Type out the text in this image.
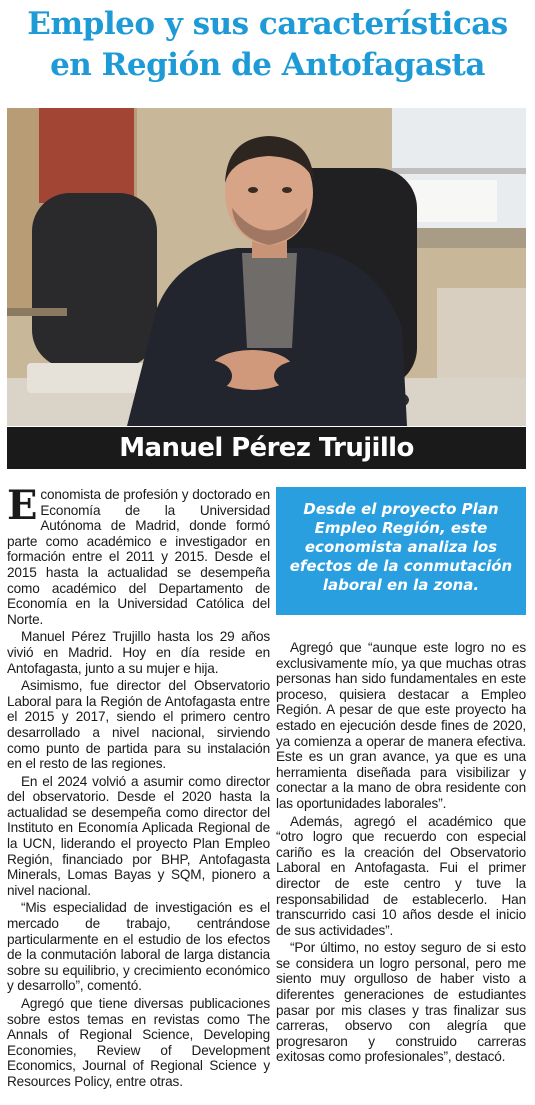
Empleo y sus características
en Región de Antofagasta
Manuel Pérez Trujillo

Economista de profesión y doctorado en Economía de la Universidad Autónoma de Madrid, donde formó parte como académico e investigador en formación entre el 2011 y 2015. Desde el 2015 hasta la actualidad se desempeña como académico del Departamento de Economía en la Universidad Católica del Norte.

Manuel Pérez Trujillo hasta los 29 años vivió en Madrid. Hoy en día reside en Antofagasta, junto a su mujer e hija.

Asimismo, fue director del Observatorio Laboral para la Región de Antofagasta entre el 2015 y 2017, siendo el primero centro desarrollado a nivel nacional, sirviendo como punto de partida para su instalación en el resto de las regiones.

En el 2024 volvió a asumir como director del observatorio. Desde el 2020 hasta la actualidad se desempeña como director del Instituto en Economía Aplicada Regional de la UCN, liderando el proyecto Plan Empleo Región, financiado por BHP, Antofagasta Minerals, Lomas Bayas y SQM, pionero a nivel nacional.

“Mis especialidad de investigación es el mercado de trabajo, centrándose particularmente en el estudio de los efectos de la conmutación laboral de larga distancia sobre su equilibrio, y crecimiento económico y desarrollo”, comentó.

Agregó que tiene diversas publicaciones sobre estos temas en revistas como The Annals of Regional Science, Developing Economies, Review of Development Economics, Journal of Regional Science y Resources Policy, entre otras.

Desde el proyecto Plan Empleo Región, este economista analiza los efectos de la conmutación laboral en la zona.

Agregó que “aunque este logro no es exclusivamente mío, ya que muchas otras personas han sido fundamentales en este proceso, quisiera destacar a Empleo Región. A pesar de que este proyecto ha estado en ejecución desde fines de 2020, ya comienza a operar de manera efectiva. Este es un gran avance, ya que es una herramienta diseñada para visibilizar y conectar a la mano de obra residente con las oportunidades laborales”.

Además, agregó el académico que “otro logro que recuerdo con especial cariño es la creación del Observatorio Laboral en Antofagasta. Fui el primer director de este centro y tuve la responsabilidad de establecerlo. Han transcurrido casi 10 años desde el inicio de sus actividades”.

“Por último, no estoy seguro de si esto se considera un logro personal, pero me siento muy orgulloso de haber visto a diferentes generaciones de estudiantes pasar por mis clases y tras finalizar sus carreras, observo con alegría que progresaron y construido carreras exitosas como profesionales”, destacó.
